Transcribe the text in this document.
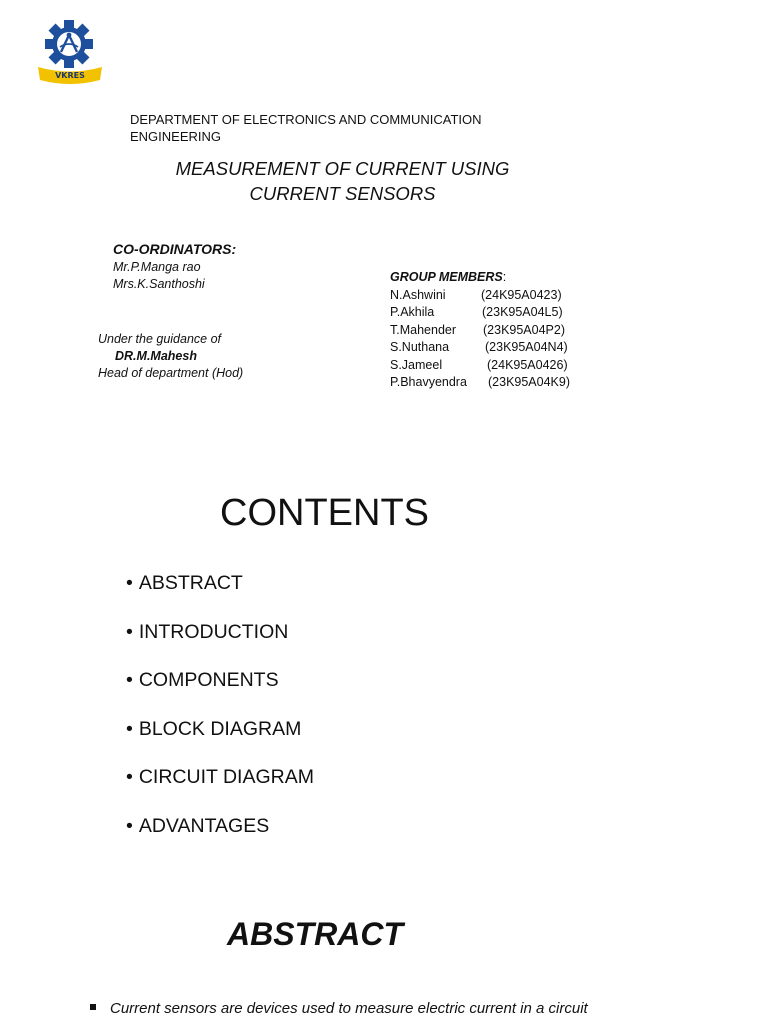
VKRES
DEPARTMENT OF ELECTRONICS AND COMMUNICATION ENGINEERING
MEASUREMENT OF CURRENT USING
CURRENT SENSORS
CO-ORDINATORS:
Mr.P.Manga rao
Mrs.K.Santhoshi
Under the guidance of
DR.M.Mahesh
Head of department (Hod)
GROUP MEMBERS:
N.Ashwini	(24K95A0423)
P.Akhila	(23K95A04L5)
T.Mahender (23K95A04P2)
S.Nuthana	(23K95A04N4)
S.Jameel	(24K95A0426)
P.Bhavyendra (23K95A04K9)
CONTENTS
• ABSTRACT
• INTRODUCTION
• COMPONENTS
• BLOCK DIAGRAM
• CIRCUIT DIAGRAM
• ADVANTAGES
ABSTRACT
Current sensors are devices used to measure electric current in a circuit
